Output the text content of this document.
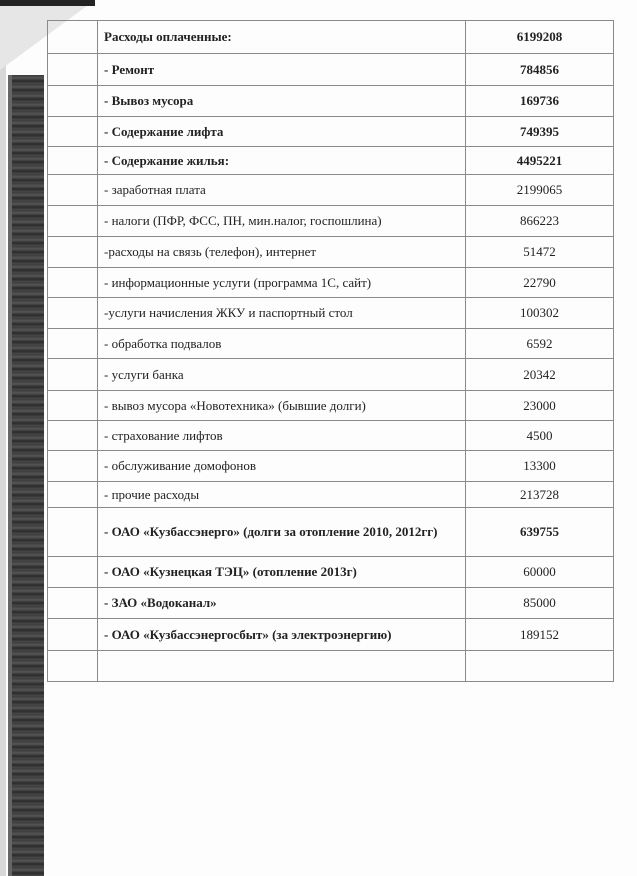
	Расходы оплаченные:	6199208
	- Ремонт	784856
	- Вывоз мусора	169736
	- Содержание лифта	749395
	- Содержание жилья:	4495221
	- заработная плата	2199065
	- налоги (ПФР, ФСС, ПН, мин.налог, госпошлина)	866223
	-расходы на связь (телефон), интернет	51472
	- информационные услуги (программа 1С, сайт)	22790
	-услуги начисления ЖКУ и паспортный стол	100302
	- обработка подвалов	6592
	- услуги банка	20342
	- вывоз мусора «Новотехника» (бывшие долги)	23000
	- страхование лифтов	4500
	- обслуживание домофонов	13300
	- прочие расходы	213728
	- ОАО «Кузбассэнерго» (долги за отопление 2010, 2012гг)	639755
	- ОАО «Кузнецкая ТЭЦ» (отопление 2013г)	60000
	- ЗАО «Водоканал»	85000
	- ОАО «Кузбассэнергосбыт» (за электроэнергию)	189152
